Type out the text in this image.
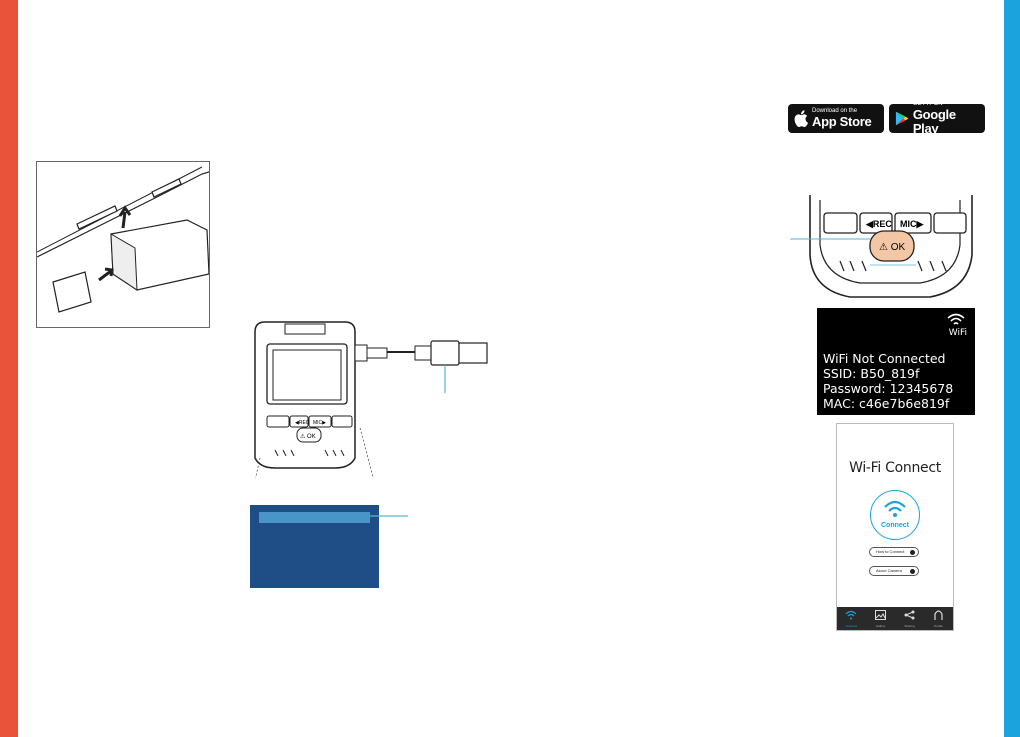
Download on the
App Store
GET IT ON
Google Play
◀REC MIC▶
⚠︎ OK
◀REC MIC▶
⚠︎ OK
WiFi
WiFi Not Connected
SSID: B50_819f
Password: 12345678
MAC: c46e7b6e819f
Wi-Fi Connect
Connect
How to Connect
About Camera
Connect	Gallery	Sharing	Profile
